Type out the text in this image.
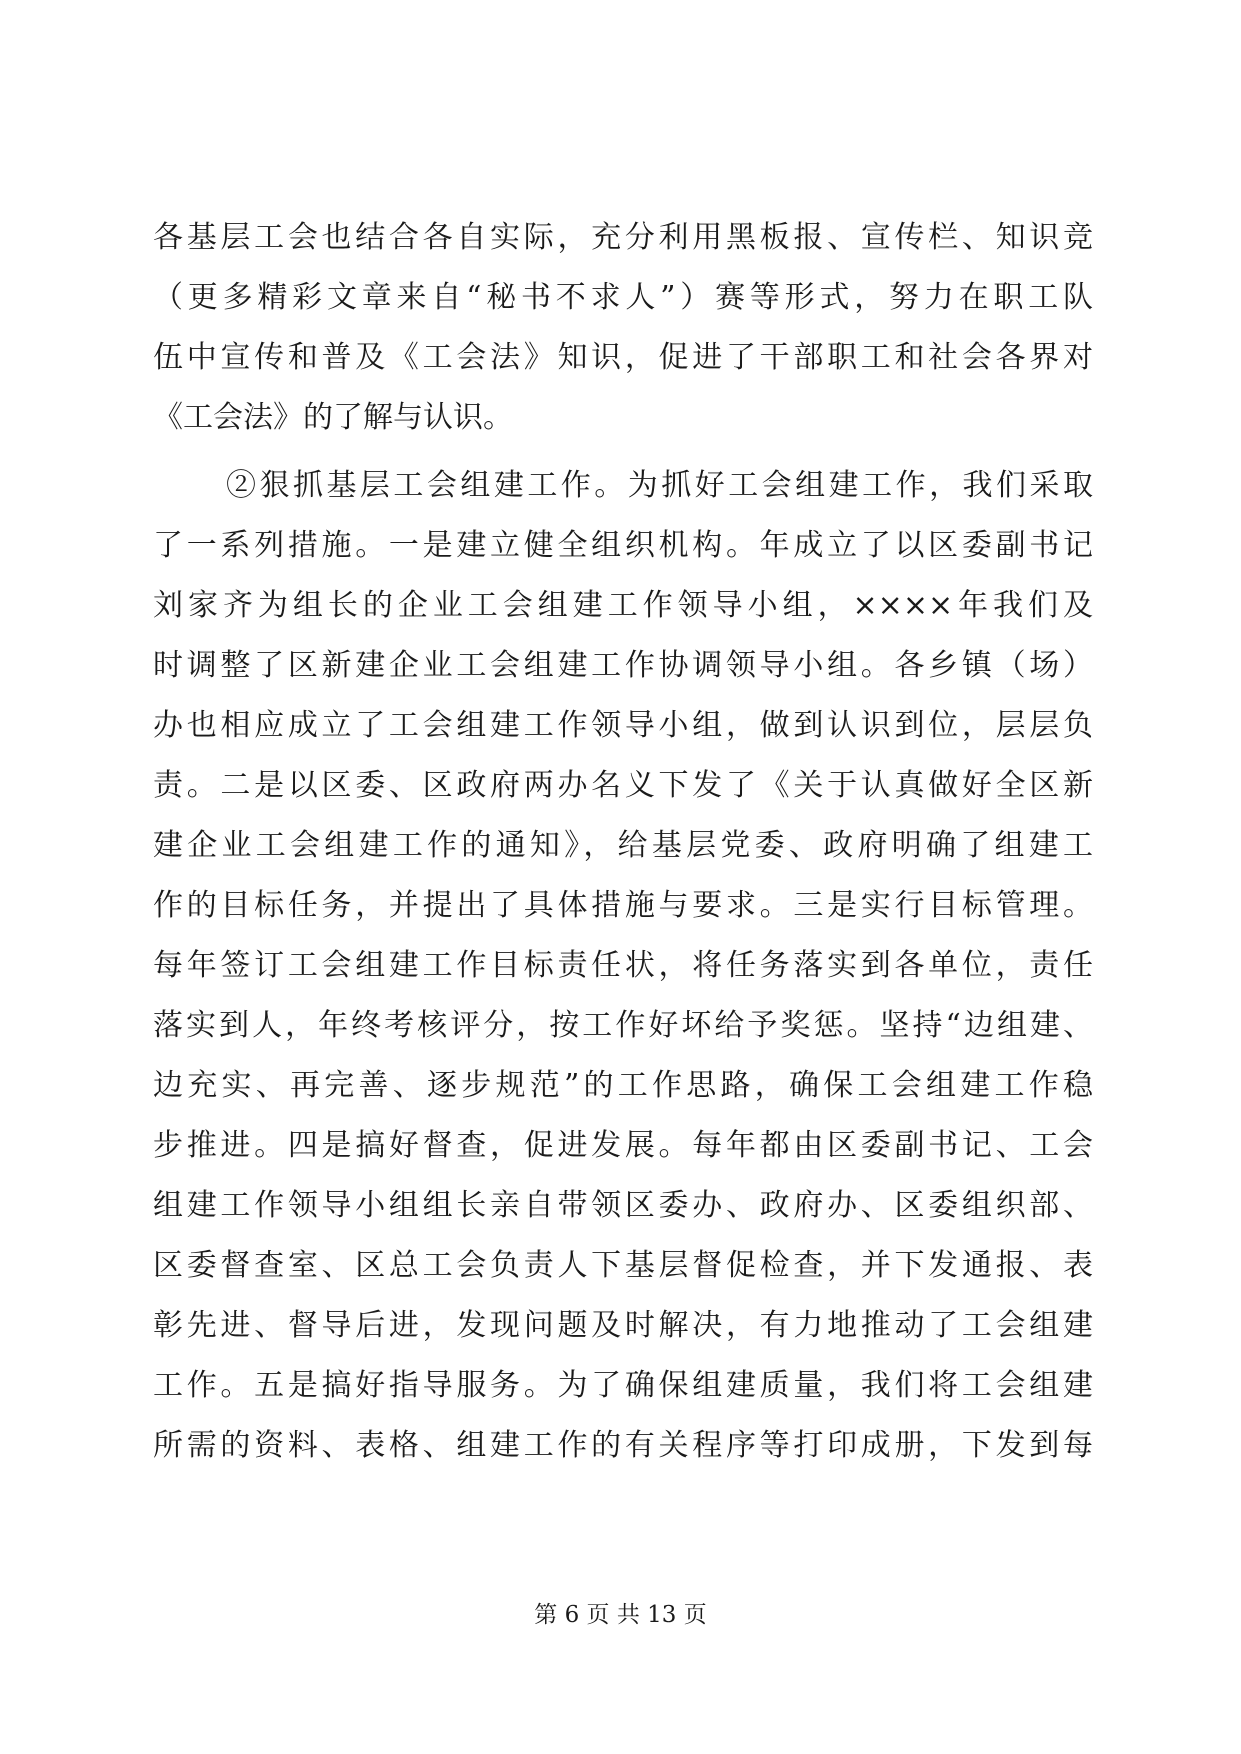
各基层工会也结合各自实际，充分利用黑板报、宣传栏、知识竞
（更多精彩文章来自“秘书不求人”）赛等形式，努力在职工队
伍中宣传和普及《工会法》知识，促进了干部职工和社会各界对
《工会法》的了解与认识。
②狠抓基层工会组建工作。为抓好工会组建工作，我们采取
了一系列措施。一是建立健全组织机构。年成立了以区委副书记
刘家齐为组长的企业工会组建工作领导小组，××××年我们及
时调整了区新建企业工会组建工作协调领导小组。各乡镇（场）
办也相应成立了工会组建工作领导小组，做到认识到位，层层负
责。二是以区委、区政府两办名义下发了《关于认真做好全区新
建企业工会组建工作的通知》，给基层党委、政府明确了组建工
作的目标任务，并提出了具体措施与要求。三是实行目标管理。
每年签订工会组建工作目标责任状，将任务落实到各单位，责任
落实到人，年终考核评分，按工作好坏给予奖惩。坚持“边组建、
边充实、再完善、逐步规范”的工作思路，确保工会组建工作稳
步推进。四是搞好督查，促进发展。每年都由区委副书记、工会
组建工作领导小组组长亲自带领区委办、政府办、区委组织部、
区委督查室、区总工会负责人下基层督促检查，并下发通报、表
彰先进、督导后进，发现问题及时解决，有力地推动了工会组建
工作。五是搞好指导服务。为了确保组建质量，我们将工会组建
所需的资料、表格、组建工作的有关程序等打印成册，下发到每
第 6 页 共 13 页
